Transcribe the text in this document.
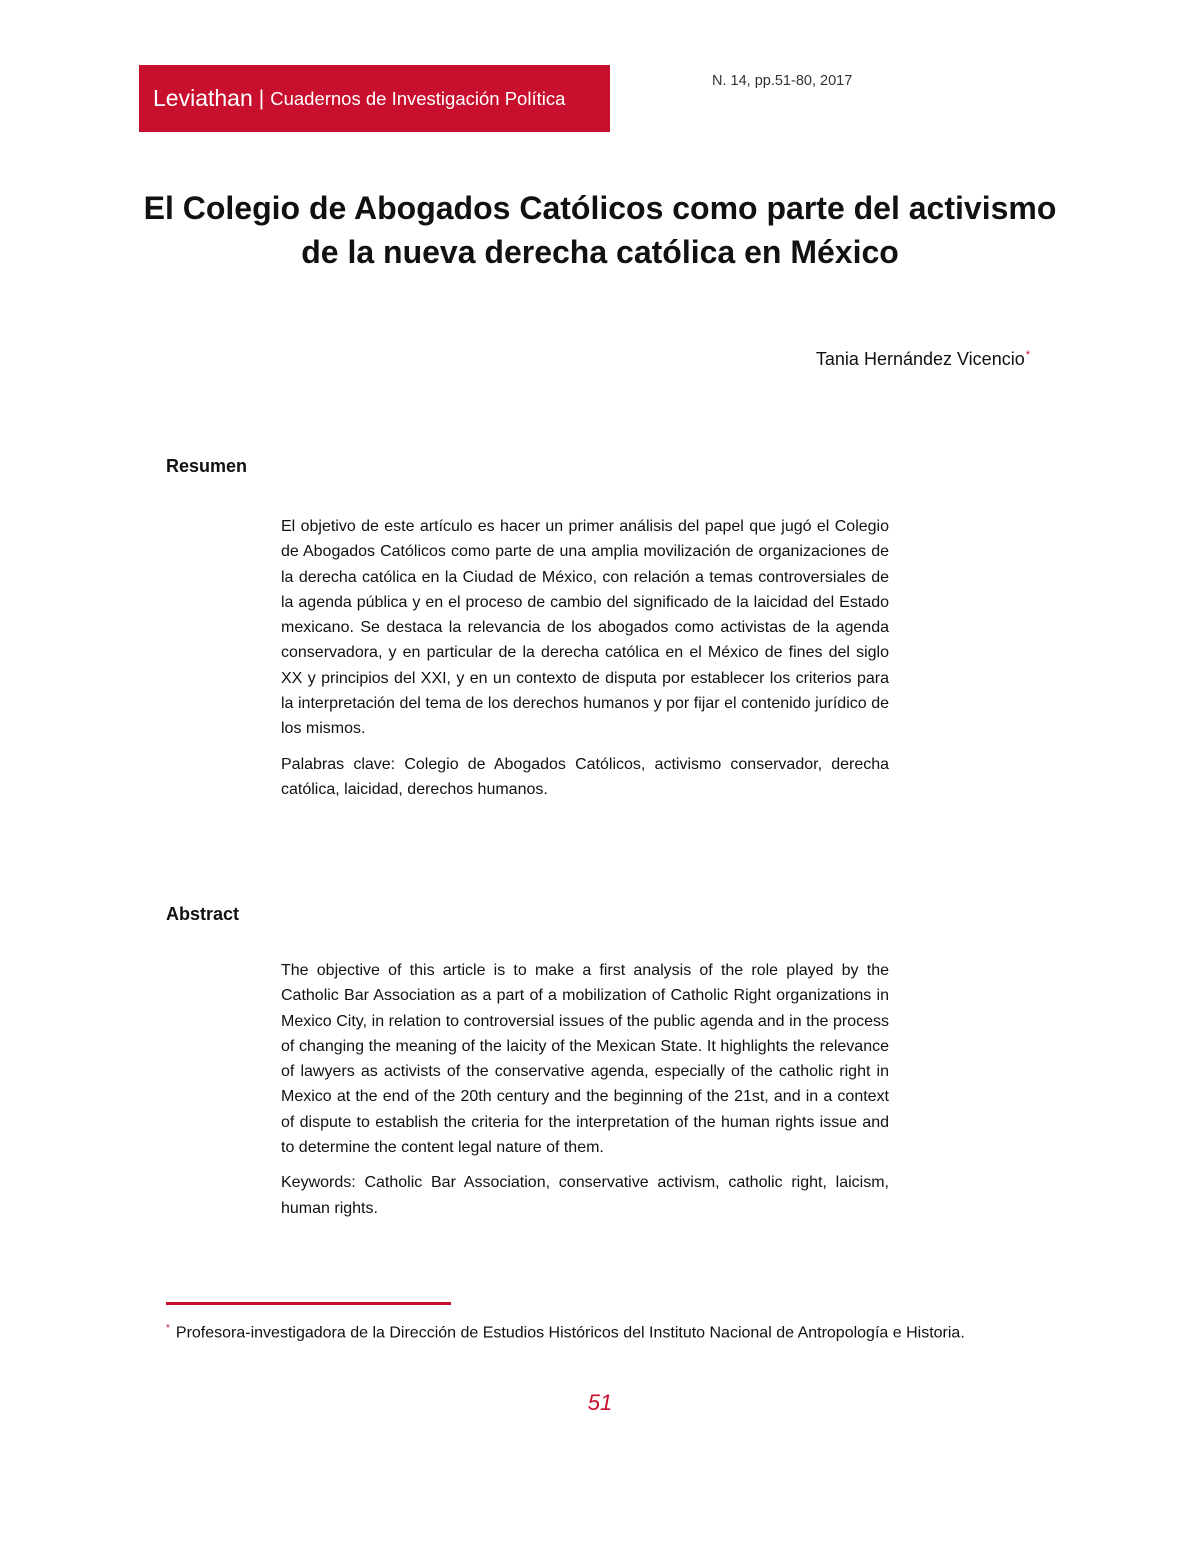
Leviathan | Cuadernos de Investigación Política
N. 14, pp.51-80, 2017
El Colegio de Abogados Católicos como parte del activismo
de la nueva derecha católica en México
Tania Hernández Vicencio*
Resumen
El objetivo de este artículo es hacer un primer análisis del papel que jugó el Colegio de Abogados Católicos como parte de una amplia movilización de organizaciones de la derecha católica en la Ciudad de México, con relación a temas controversiales de la agenda pública y en el proceso de cambio del significado de la laicidad del Estado mexicano. Se destaca la relevancia de los abogados como activistas de la agenda conservadora, y en particular de la derecha católica en el México de fines del siglo XX y principios del XXI, y en un contexto de disputa por establecer los criterios para la interpretación del tema de los derechos humanos y por fijar el contenido jurídico de los mismos.
Palabras clave: Colegio de Abogados Católicos, activismo conservador, derecha católica, laicidad, derechos humanos.
Abstract
The objective of this article is to make a first analysis of the role played by the Catholic Bar Association as a part of a mobilization of Catholic Right organizations in Mexico City, in relation to controversial issues of the public agenda and in the process of changing the meaning of the laicity of the Mexican State. It highlights the relevance of lawyers as activists of the conservative agenda, especially of the catholic right in Mexico at the end of the 20th century and the beginning of the 21st, and in a context of dispute to establish the criteria for the interpretation of the human rights issue and to determine the content legal nature of them.
Keywords: Catholic Bar Association, conservative activism, catholic right, laicism, human rights.
* Profesora-investigadora de la Dirección de Estudios Históricos del Instituto Nacional de Antropología e Historia.
51
